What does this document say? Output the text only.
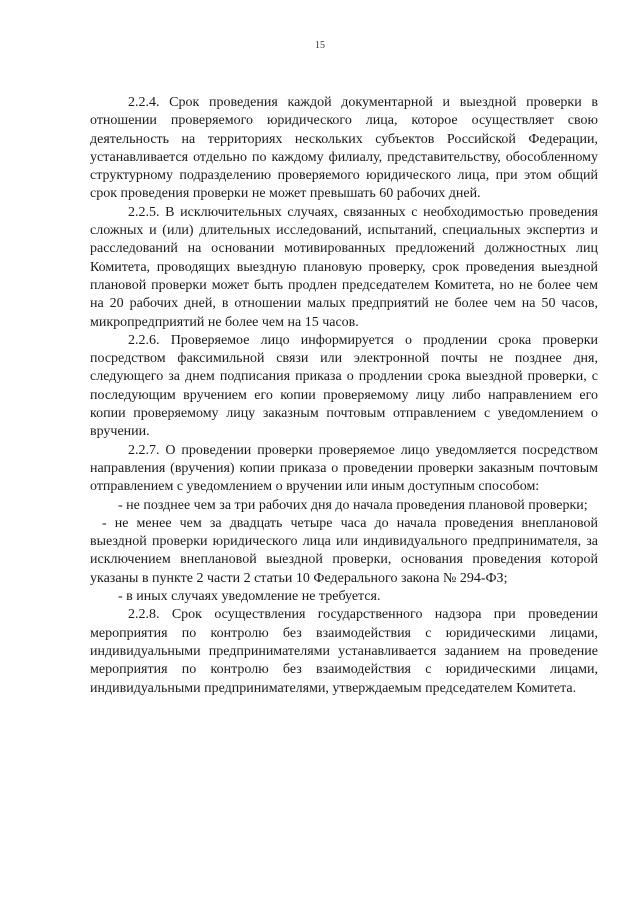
15

2.2.4. Срок проведения каждой документарной и выездной проверки в отношении проверяемого юридического лица, которое осуществляет свою деятельность на территориях нескольких субъектов Российской Федерации, устанавливается отдельно по каждому филиалу, представительству, обособленному структурному подразделению проверяемого юридического лица, при этом общий срок проведения проверки не может превышать 60 рабочих дней.

2.2.5. В исключительных случаях, связанных с необходимостью проведения сложных и (или) длительных исследований, испытаний, специальных экспертиз и расследований на основании мотивированных предложений должностных лиц Комитета, проводящих выездную плановую проверку, срок проведения выездной плановой проверки может быть продлен председателем Комитета, но не более чем на 20 рабочих дней, в отношении малых предприятий не более чем на 50 часов, микропредприятий не более чем на 15 часов.

2.2.6. Проверяемое лицо информируется о продлении срока проверки посредством факсимильной связи или электронной почты не позднее дня, следующего за днем подписания приказа о продлении срока выездной проверки, с последующим вручением его копии проверяемому лицу либо направлением его копии проверяемому лицу заказным почтовым отправлением с уведомлением о вручении.

2.2.7. О проведении проверки проверяемое лицо уведомляется посредством направления (вручения) копии приказа о проведении проверки заказным почтовым отправлением с уведомлением о вручении или иным доступным способом:

- не позднее чем за три рабочих дня до начала проведения плановой проверки;

- не менее чем за двадцать четыре часа до начала проведения внеплановой выездной проверки юридического лица или индивидуального предпринимателя, за исключением внеплановой выездной проверки, основания проведения которой указаны в пункте 2 части 2 статьи 10 Федерального закона № 294-ФЗ;

- в иных случаях уведомление не требуется.

2.2.8. Срок осуществления государственного надзора при проведении мероприятия по контролю без взаимодействия с юридическими лицами, индивидуальными предпринимателями устанавливается заданием на проведение мероприятия по контролю без взаимодействия с юридическими лицами, индивидуальными предпринимателями, утверждаемым председателем Комитета.
